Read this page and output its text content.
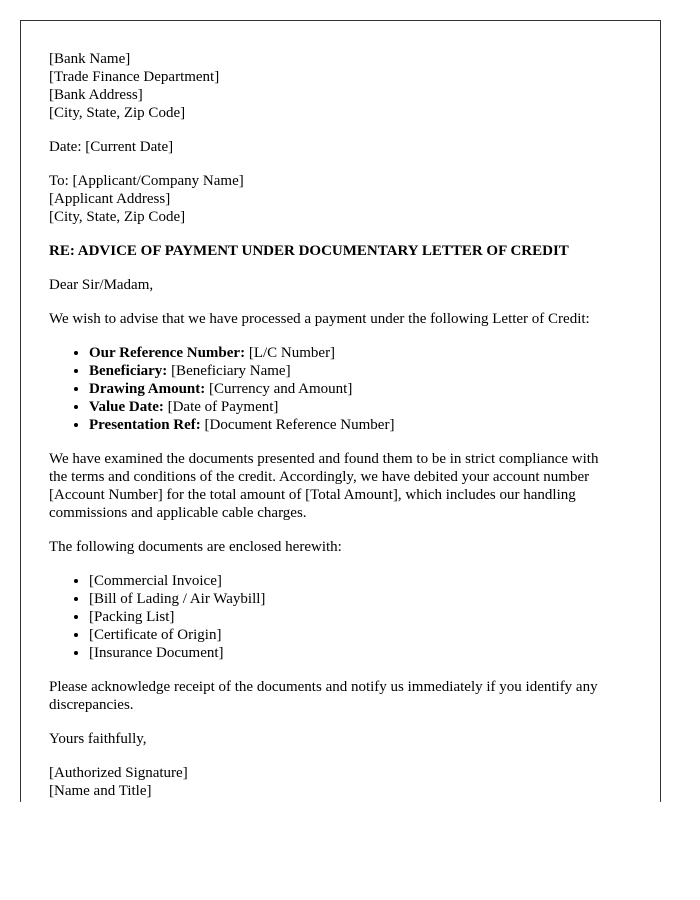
[Bank Name]
[Trade Finance Department]
[Bank Address]
[City, State, Zip Code]
Date: [Current Date]
To: [Applicant/Company Name]
[Applicant Address]
[City, State, Zip Code]
RE: ADVICE OF PAYMENT UNDER DOCUMENTARY LETTER OF CREDIT

Dear Sir/Madam,

We wish to advise that we have processed a payment under the following Letter of Credit:

• Our Reference Number: [L/C Number]
• Beneficiary: [Beneficiary Name]
• Drawing Amount: [Currency and Amount]
• Value Date: [Date of Payment]
• Presentation Ref: [Document Reference Number]

We have examined the documents presented and found them to be in strict compliance with the terms and conditions of the credit. Accordingly, we have debited your account number [Account Number] for the total amount of [Total Amount], which includes our handling commissions and applicable cable charges.

The following documents are enclosed herewith:

• [Commercial Invoice]
• [Bill of Lading / Air Waybill]
• [Packing List]
• [Certificate of Origin]
• [Insurance Document]

Please acknowledge receipt of the documents and notify us immediately if you identify any discrepancies.

Yours faithfully,

[Authorized Signature]
[Name and Title]
